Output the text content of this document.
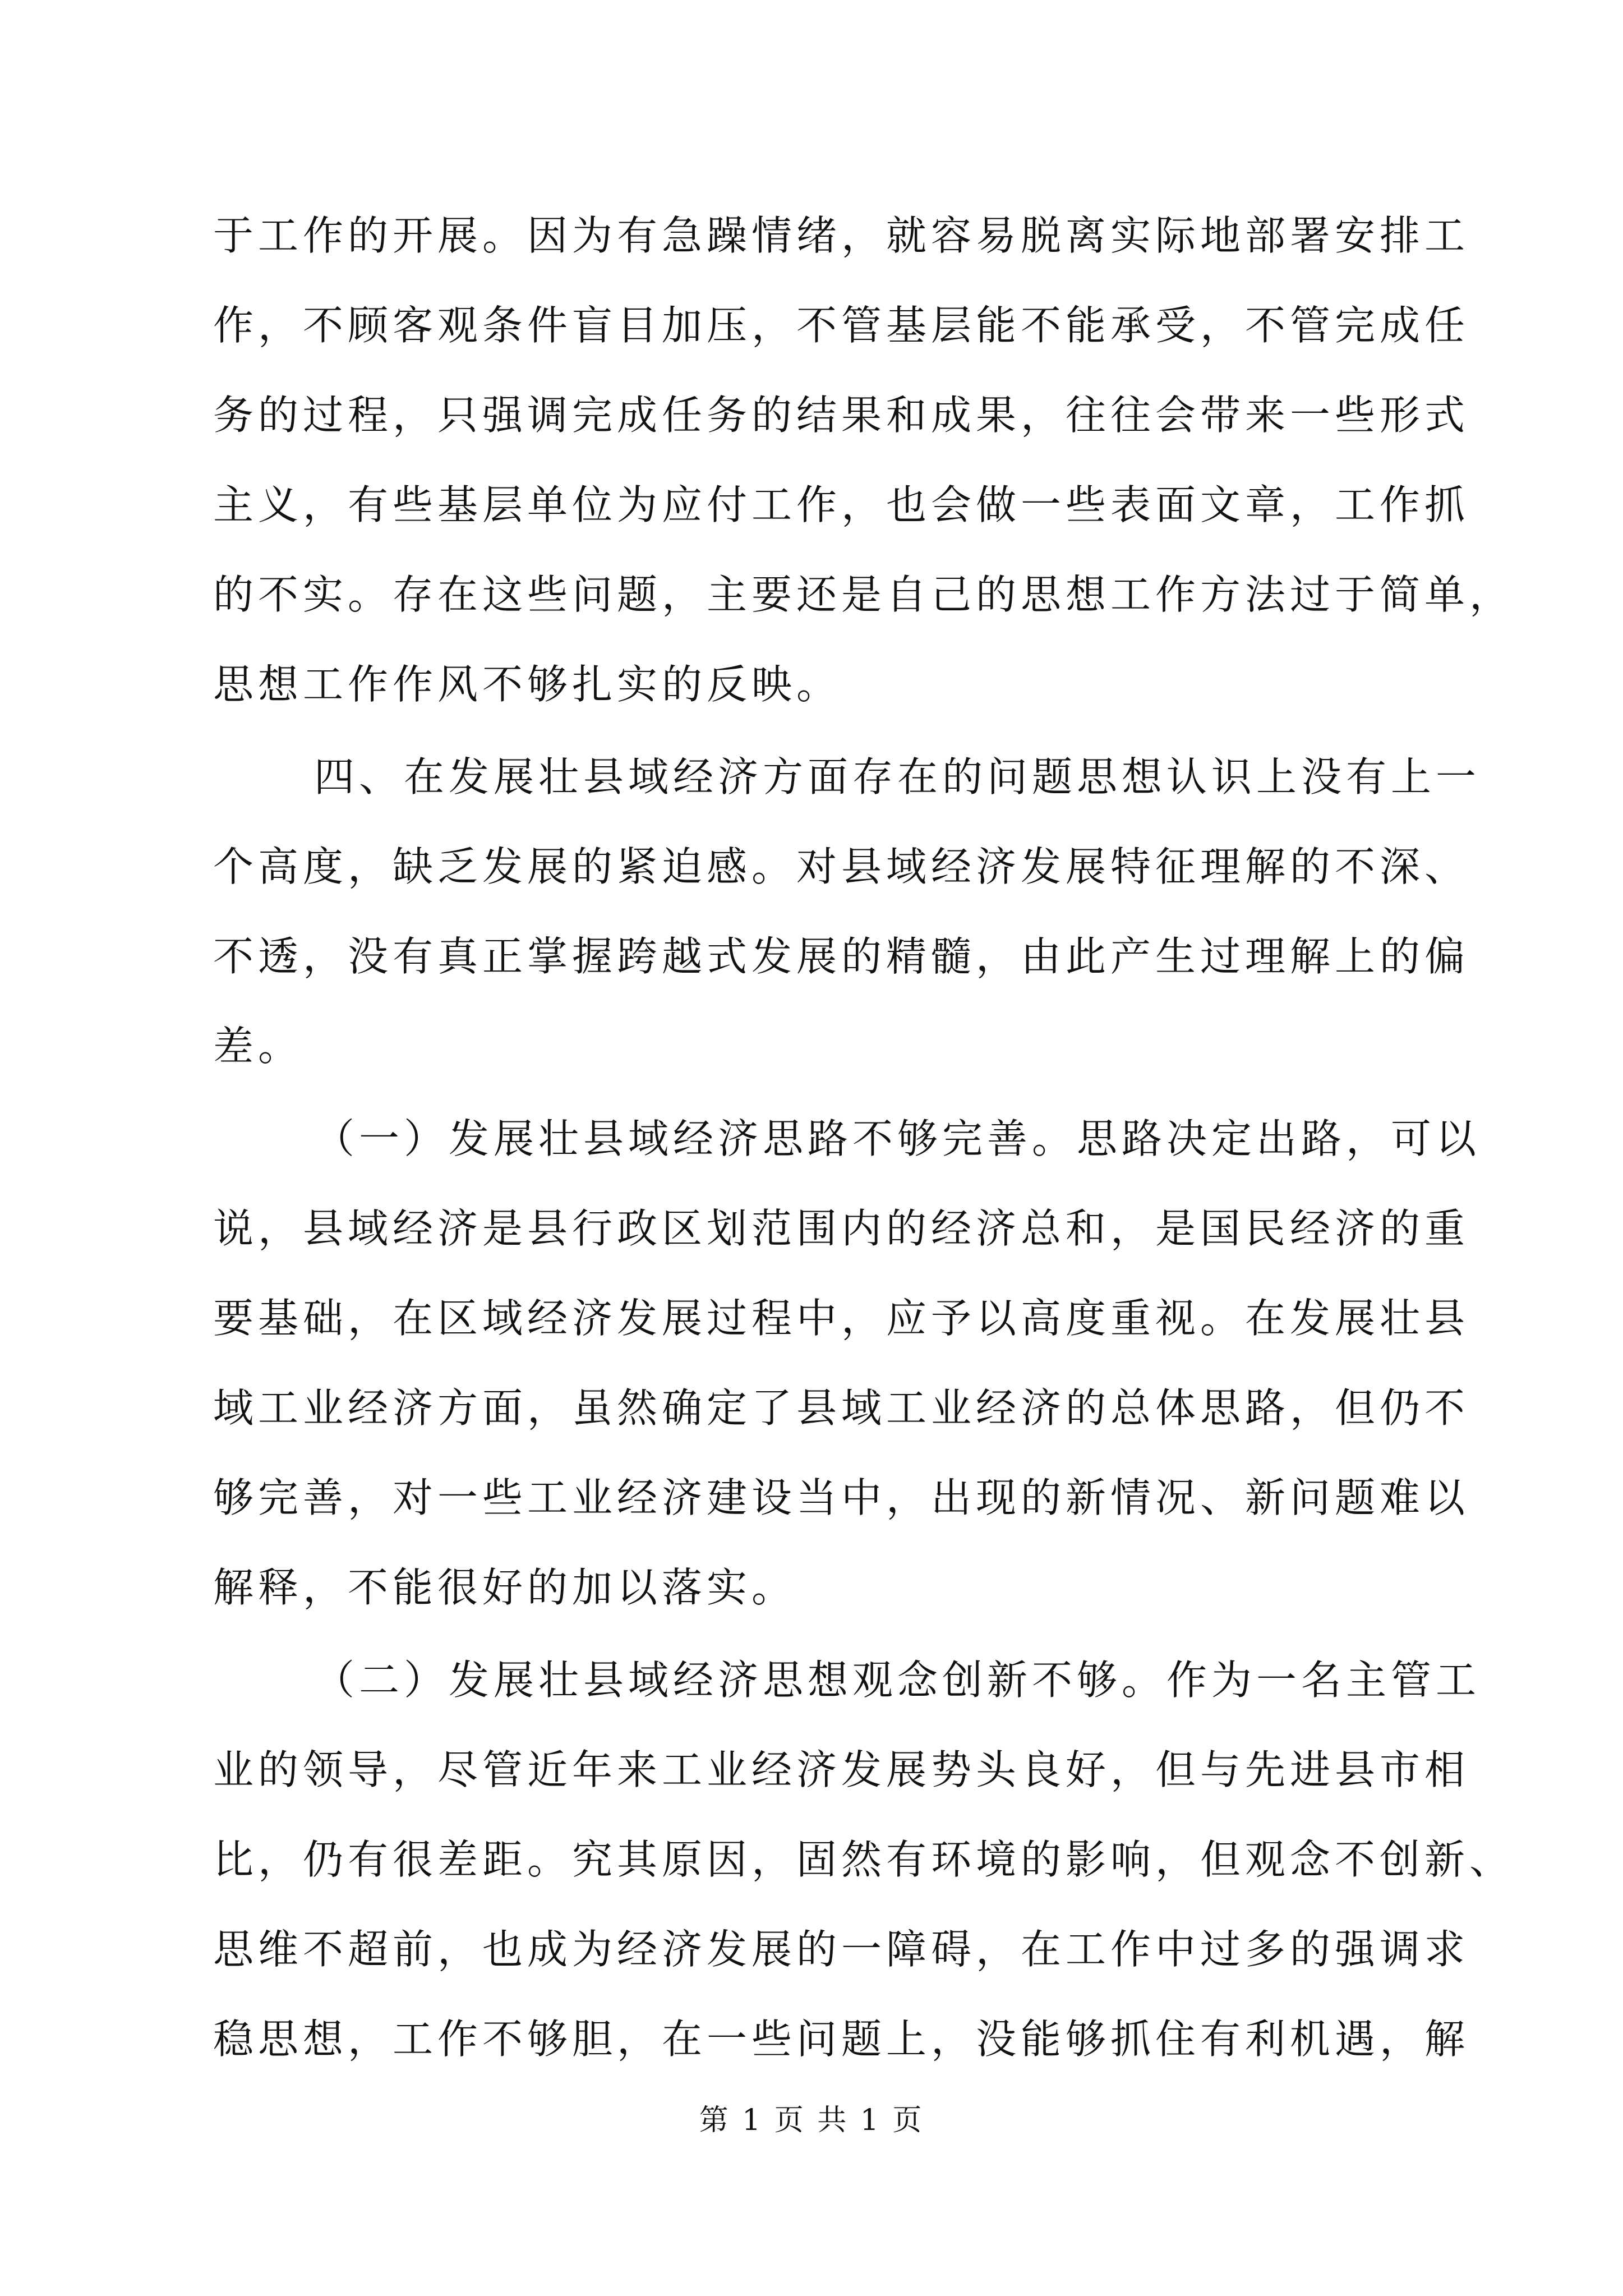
于工作的开展。因为有急躁情绪，就容易脱离实际地部署安排工
作，不顾客观条件盲目加压，不管基层能不能承受，不管完成任
务的过程，只强调完成任务的结果和成果，往往会带来一些形式
主义，有些基层单位为应付工作，也会做一些表面文章，工作抓
的不实。存在这些问题，主要还是自己的思想工作方法过于简单，
思想工作作风不够扎实的反映。
四、在发展壮县域经济方面存在的问题思想认识上没有上一
个高度，缺乏发展的紧迫感。对县域经济发展特征理解的不深、
不透，没有真正掌握跨越式发展的精髓，由此产生过理解上的偏
差。
（一）发展壮县域经济思路不够完善。思路决定出路，可以
说，县域经济是县行政区划范围内的经济总和，是国民经济的重
要基础，在区域经济发展过程中，应予以高度重视。在发展壮县
域工业经济方面，虽然确定了县域工业经济的总体思路，但仍不
够完善，对一些工业经济建设当中，出现的新情况、新问题难以
解释，不能很好的加以落实。
（二）发展壮县域经济思想观念创新不够。作为一名主管工
业的领导，尽管近年来工业经济发展势头良好，但与先进县市相
比，仍有很差距。究其原因，固然有环境的影响，但观念不创新、
思维不超前，也成为经济发展的一障碍，在工作中过多的强调求
稳思想，工作不够胆，在一些问题上，没能够抓住有利机遇，解
第 1 页 共 1 页
